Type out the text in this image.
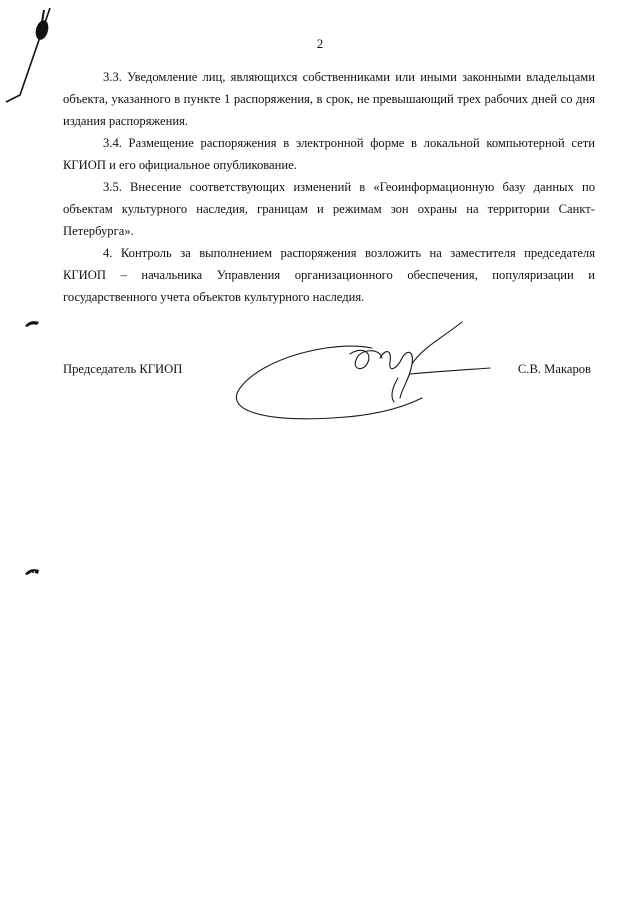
2

3.3. Уведомление лиц, являющихся собственниками или иными законными владельцами объекта, указанного в пункте 1 распоряжения, в срок, не превышающий трех рабочих дней со дня издания распоряжения.

3.4. Размещение распоряжения в электронной форме в локальной компьютерной сети КГИОП и его официальное опубликование.

3.5. Внесение соответствующих изменений в «Геоинформационную базу данных по объектам культурного наследия, границам и режимам зон охраны на территории Санкт-Петербурга».

4. Контроль за выполнением распоряжения возложить на заместителя председателя КГИОП – начальника Управления организационного обеспечения, популяризации и государственного учета объектов культурного наследия.

Председатель КГИОП	С.В. Макаров
